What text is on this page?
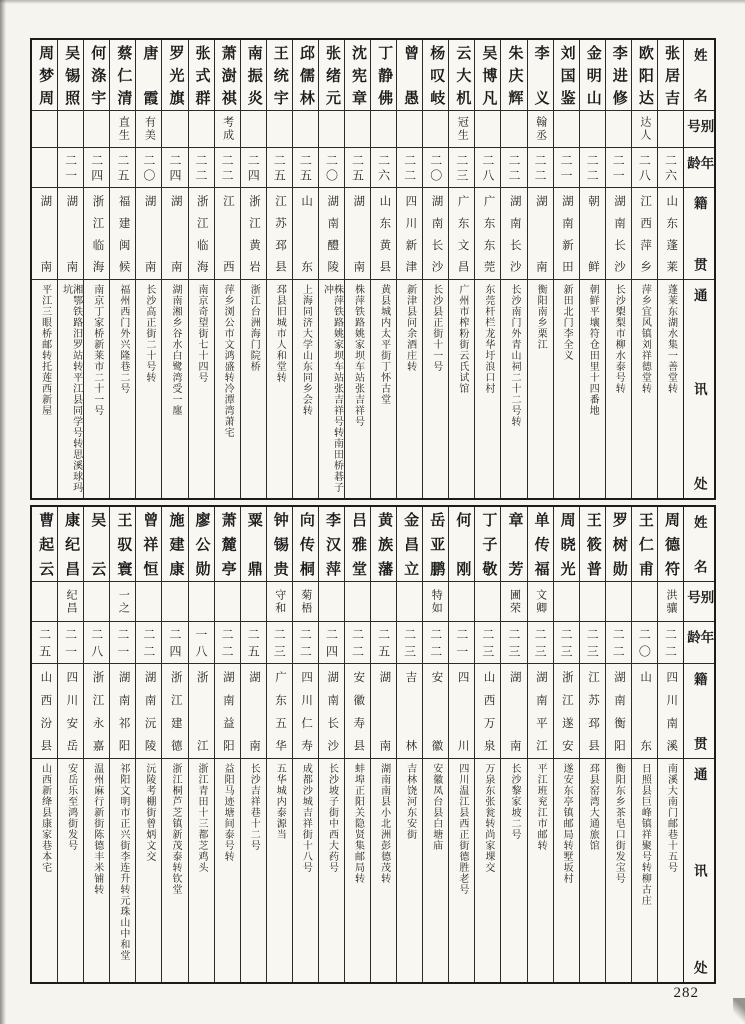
姓名
别号
年龄
籍贯
通讯处
张居吉
二六
山东蓬莱
蓬莱东湖水集一善堂转
欧阳达
达人
二八
江西萍乡
萍乡宜风镇刘祥德堂转
李进修
二一
湖南长沙
长沙㮾梨市柳水泰号转
金明山
二二
朝鲜
朝鲜平壤符仓田里十四番地
刘国鉴
二一
湖南新田
新田北门李全义
李义
翰丞
二二
湖南
衡阳南乡栗江
朱庆辉
二二
湖南长沙
长沙南门外青山祠二十二号转
吴博凡
二八
广东东莞
东莞杆栏龙华圩浪口村
云大机
冠生
二三
广东文昌
广州市榨粉街云氏试馆
杨叹岐
二〇
湖南长沙
长沙县正街十一号
曾愚
二二
四川新津
新津县问余酒庄转
丁静佛
二六
山东黄县
黄县城内太平街丁怀古堂
沈宪章
二五
湖南
株萍铁路姚家坝车站张吉祥号
张绪元
二〇
湖南醴陵
株萍铁路姚家坝车站张吉祥号转南田桥碁子冲
邱儒林
二五
山东
上海同济大学山东同乡会转
王统宇
二五
江苏邳县
邳县旧城市人和堂转
南振炎
二四
浙江黄岩
浙江台洲海门院桥
萧澍祺
考成
二二
江西
萍乡浏公市文鸿盛转冷潭湾萧宅
张式群
二二
浙江临海
南京奇望街七十四号
罗光旗
二四
湖南
湖南湘乡谷水白鹭湾受一廛
唐霞
有美
二〇
湖南
长沙高正街二十号转
蔡仁清
直生
二五
福建闽候
福州西门外兴隆巷二号
何涤宇
二四
浙江临海
南京丁家桥新莱市二十一号
吴锡照
二一
湖南
湘鄂铁路汨罗站转平江县同学号转思溪球玛坑
周梦周
湖南
平江三眼桥邮转托莲西新屋
姓名
别号
年龄
籍贯
通讯处
周德符
洪骧
二二
四川南溪
南溪大南门邮巷十五号
王仁甫
二〇
山东
日照县巨峰镇祥聚号转柳古庄
罗树勋
二二
湖南衡阳
衡阳东乡茶皂口街发宝号
王筱普
二三
江苏邳县
邳县窑湾大通旅馆
周晓光
二三
浙江遂安
遂安东亭镇邮局转墅坂村
单传福
文卿
二三
湖南平江
平江班兖江市邮转
章芳
圃荣
二三
湖南
长沙黎家坡二号
丁子敬
二三
山西万泉
万泉东张瓮转尚家堁交
何刚
二一
四川
四川温江县西正街德胜老号
岳亚鹏
特如
二二
安徽
安徽凤台县白塘庙
金昌立
二三
吉林
吉林饶河东安街
黄族藩
二五
湖南
湖南南县小北洲彭德茂转
吕雅堂
二二
安徽寿县
蚌埠正阳关隐贤集邮局转
李汉萍
二四
湖南长沙
长沙坡子街中西大药号
向传桐
菊梧
二二
四川仁寿
成都沙城吉祥街十八号
钟锡贵
守和
二三
广东五华
五华城内泰源当
粟鼎
二五
湖南
长沙吉祥巷十二号
萧麓亭
二二
湖南益阳
益阳马迹塘间泰号转
廖公勋
一八
浙江
浙江青田十三都芝鸡头
施建康
二四
浙江建德
浙江桐芦芝镇新茂泰转钦堂
曾祥恒
二二
湖南沅陵
沅陵考棚街曾炳文交
王驭寰
一之
二一
湖南祁阳
祁阳文明市正兴街李连升转元珠山中和堂
吴云
二八
浙江永嘉
温州麻行新街陈德丰米铺转
康纪昌
纪昌
二一
四川安岳
安岳乐至鸿街发号
曹起云
二五
山西汾县
山西新绛县康家巷本宅
282
